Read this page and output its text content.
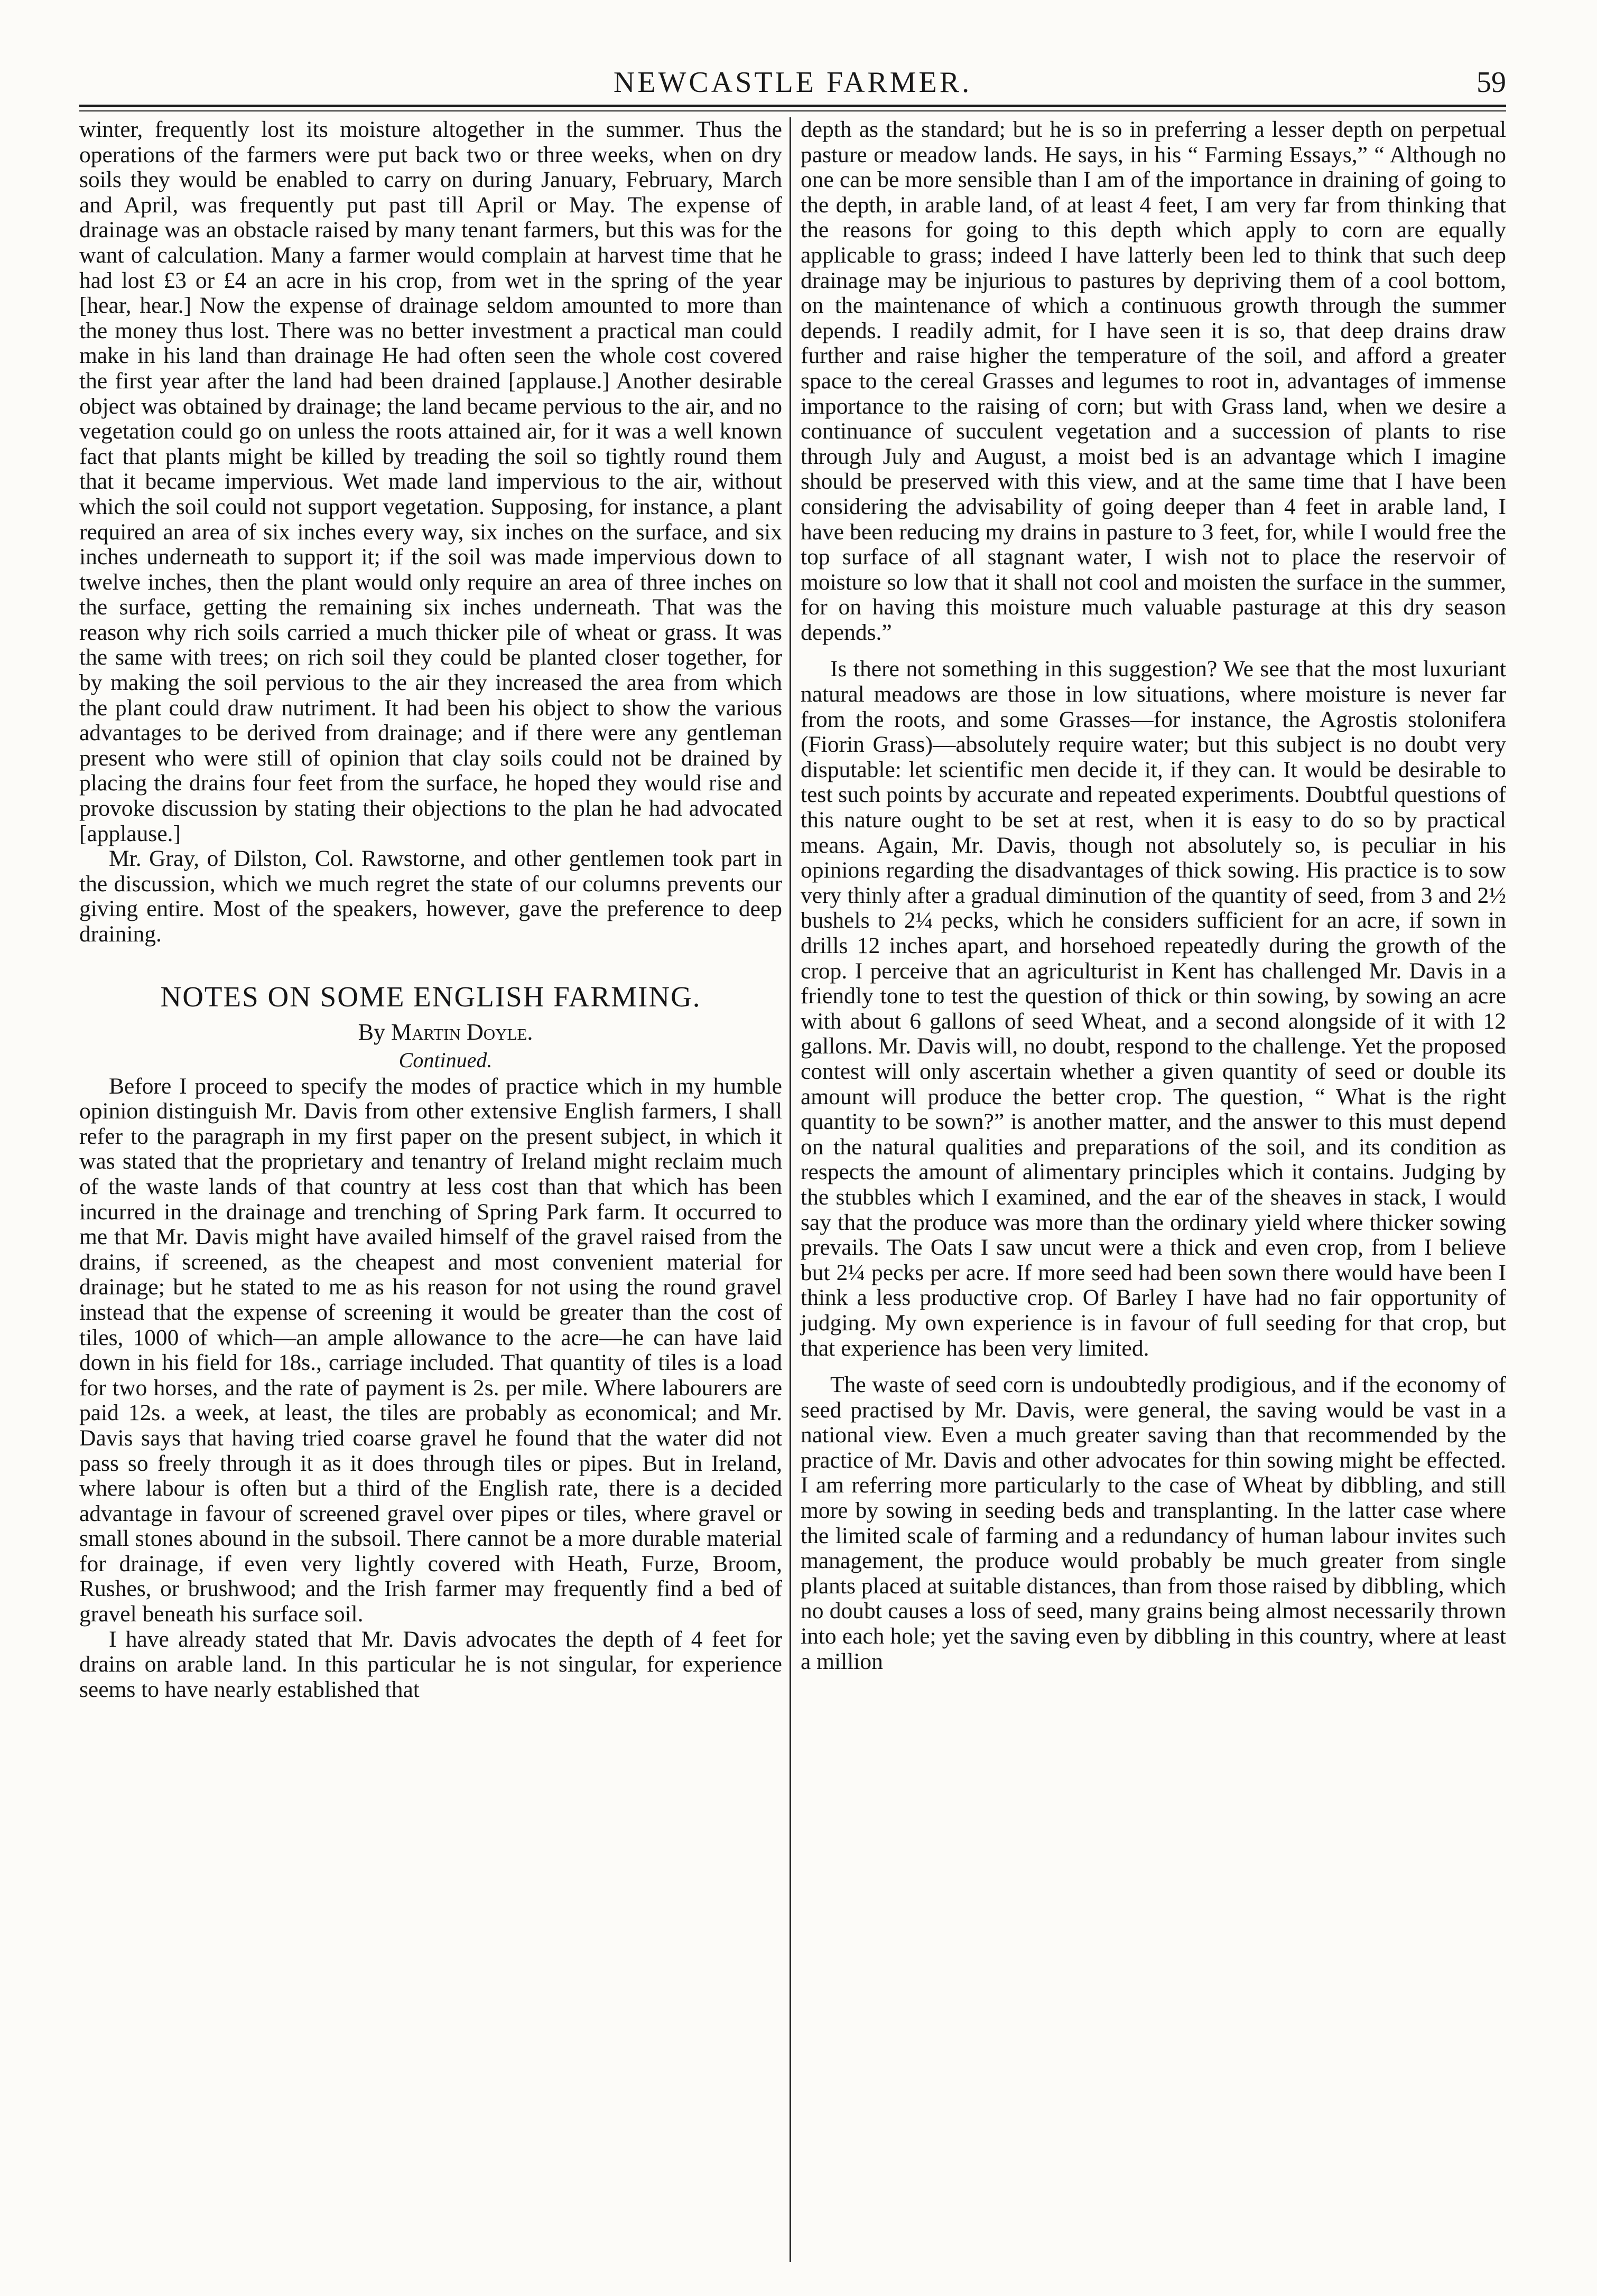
NEWCASTLE FARMER.	59

winter, frequently lost its moisture altogether in the summer. Thus the operations of the farmers were put back two or three weeks, when on dry soils they would be enabled to carry on during January, February, March and April, was frequently put past till April or May. The expense of drainage was an obstacle raised by many tenant farmers, but this was for the want of calculation. Many a farmer would complain at harvest time that he had lost £3 or £4 an acre in his crop, from wet in the spring of the year [hear, hear.] Now the expense of drainage seldom amounted to more than the money thus lost. There was no better investment a practical man could make in his land than drainage He had often seen the whole cost covered the first year after the land had been drained [applause.] Another desirable object was obtained by drainage; the land became pervious to the air, and no vegetation could go on unless the roots attained air, for it was a well known fact that plants might be killed by treading the soil so tightly round them that it became impervious. Wet made land impervious to the air, without which the soil could not support vegetation. Supposing, for instance, a plant required an area of six inches every way, six inches on the surface, and six inches underneath to support it; if the soil was made impervious down to twelve inches, then the plant would only require an area of three inches on the surface, getting the remaining six inches underneath. That was the reason why rich soils carried a much thicker pile of wheat or grass. It was the same with trees; on rich soil they could be planted closer together, for by making the soil pervious to the air they increased the area from which the plant could draw nutriment. It had been his object to show the various advantages to be derived from drainage; and if there were any gentleman present who were still of opinion that clay soils could not be drained by placing the drains four feet from the surface, he hoped they would rise and provoke discussion by stating their objections to the plan he had advocated [applause.]

Mr. Gray, of Dilston, Col. Rawstorne, and other gentlemen took part in the discussion, which we much regret the state of our columns prevents our giving entire. Most of the speakers, however, gave the preference to deep draining.

NOTES ON SOME ENGLISH FARMING.

By Martin Doyle.

Continued.

Before I proceed to specify the modes of practice which in my humble opinion distinguish Mr. Davis from other extensive English farmers, I shall refer to the paragraph in my first paper on the present subject, in which it was stated that the proprietary and tenantry of Ireland might reclaim much of the waste lands of that country at less cost than that which has been incurred in the drainage and trenching of Spring Park farm. It occurred to me that Mr. Davis might have availed himself of the gravel raised from the drains, if screened, as the cheapest and most convenient material for drainage; but he stated to me as his reason for not using the round gravel instead that the expense of screening it would be greater than the cost of tiles, 1000 of which—an ample allowance to the acre—he can have laid down in his field for 18s., carriage included. That quantity of tiles is a load for two horses, and the rate of payment is 2s. per mile. Where labourers are paid 12s. a week, at least, the tiles are probably as economical; and Mr. Davis says that having tried coarse gravel he found that the water did not pass so freely through it as it does through tiles or pipes. But in Ireland, where labour is often but a third of the English rate, there is a decided advantage in favour of screened gravel over pipes or tiles, where gravel or small stones abound in the subsoil. There cannot be a more durable material for drainage, if even very lightly covered with Heath, Furze, Broom, Rushes, or brushwood; and the Irish farmer may frequently find a bed of gravel beneath his surface soil.

I have already stated that Mr. Davis advocates the depth of 4 feet for drains on arable land. In this particular he is not singular, for experience seems to have nearly established that

depth as the standard; but he is so in preferring a lesser depth on perpetual pasture or meadow lands. He says, in his “ Farming Essays,” “ Although no one can be more sensible than I am of the importance in draining of going to the depth, in arable land, of at least 4 feet, I am very far from thinking that the reasons for going to this depth which apply to corn are equally applicable to grass; indeed I have latterly been led to think that such deep drainage may be injurious to pastures by depriving them of a cool bottom, on the maintenance of which a continuous growth through the summer depends. I readily admit, for I have seen it is so, that deep drains draw further and raise higher the temperature of the soil, and afford a greater space to the cereal Grasses and legumes to root in, advantages of immense importance to the raising of corn; but with Grass land, when we desire a continuance of succulent vegetation and a succession of plants to rise through July and August, a moist bed is an advantage which I imagine should be preserved with this view, and at the same time that I have been considering the advisability of going deeper than 4 feet in arable land, I have been reducing my drains in pasture to 3 feet, for, while I would free the top surface of all stagnant water, I wish not to place the reservoir of moisture so low that it shall not cool and moisten the surface in the summer, for on having this moisture much valuable pasturage at this dry season depends.”

Is there not something in this suggestion? We see that the most luxuriant natural meadows are those in low situations, where moisture is never far from the roots, and some Grasses—for instance, the Agrostis stolonifera (Fiorin Grass)—absolutely require water; but this subject is no doubt very disputable: let scientific men decide it, if they can. It would be desirable to test such points by accurate and repeated experiments. Doubtful questions of this nature ought to be set at rest, when it is easy to do so by practical means. Again, Mr. Davis, though not absolutely so, is peculiar in his opinions regarding the disadvantages of thick sowing. His practice is to sow very thinly after a gradual diminution of the quantity of seed, from 3 and 2½ bushels to 2¼ pecks, which he considers sufficient for an acre, if sown in drills 12 inches apart, and horsehoed repeatedly during the growth of the crop. I perceive that an agriculturist in Kent has challenged Mr. Davis in a friendly tone to test the question of thick or thin sowing, by sowing an acre with about 6 gallons of seed Wheat, and a second alongside of it with 12 gallons. Mr. Davis will, no doubt, respond to the challenge. Yet the proposed contest will only ascertain whether a given quantity of seed or double its amount will produce the better crop. The question, “ What is the right quantity to be sown?” is another matter, and the answer to this must depend on the natural qualities and preparations of the soil, and its condition as respects the amount of alimentary principles which it contains. Judging by the stubbles which I examined, and the ear of the sheaves in stack, I would say that the produce was more than the ordinary yield where thicker sowing prevails. The Oats I saw uncut were a thick and even crop, from I believe but 2¼ pecks per acre. If more seed had been sown there would have been I think a less productive crop. Of Barley I have had no fair opportunity of judging. My own experience is in favour of full seeding for that crop, but that experience has been very limited.

The waste of seed corn is undoubtedly prodigious, and if the economy of seed practised by Mr. Davis, were general, the saving would be vast in a national view. Even a much greater saving than that recommended by the practice of Mr. Davis and other advocates for thin sowing might be effected. I am referring more particularly to the case of Wheat by dibbling, and still more by sowing in seeding beds and transplanting. In the latter case where the limited scale of farming and a redundancy of human labour invites such management, the produce would probably be much greater from single plants placed at suitable distances, than from those raised by dibbling, which no doubt causes a loss of seed, many grains being almost necessarily thrown into each hole; yet the saving even by dibbling in this country, where at least a million
